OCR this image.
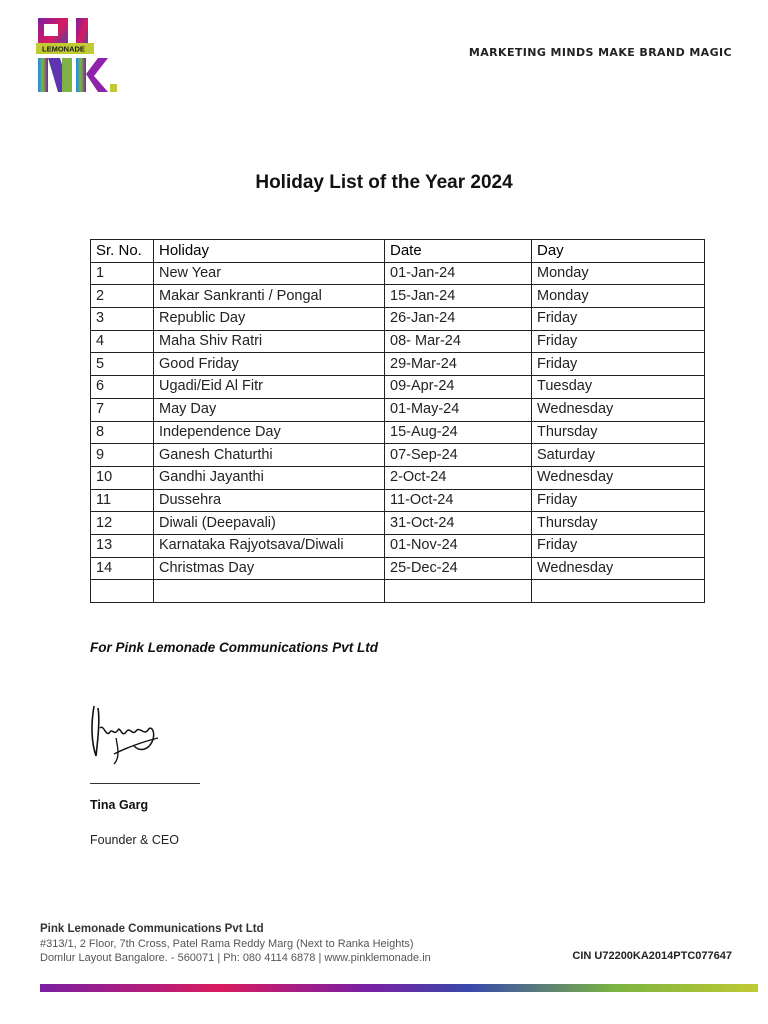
LEMONADE	MARKETING MINDS MAKE BRAND MAGIC
Holiday List of the Year 2024
Sr. No.	Holiday	Date	Day
1	New Year	01-Jan-24	Monday
2	Makar Sankranti / Pongal	15-Jan-24	Monday
3	Republic Day	26-Jan-24	Friday
4	Maha Shiv Ratri	08- Mar-24	Friday
5	Good Friday	29-Mar-24	Friday
6	Ugadi/Eid Al Fitr	09-Apr-24	Tuesday
7	May Day	01-May-24	Wednesday
8	Independence Day	15-Aug-24	Thursday
9	Ganesh Chaturthi	07-Sep-24	Saturday
10	Gandhi Jayanthi	2-Oct-24	Wednesday
11	Dussehra	11-Oct-24	Friday
12	Diwali (Deepavali)	31-Oct-24	Thursday
13	Karnataka Rajyotsava/Diwali	01-Nov-24	Friday
14	Christmas Day	25-Dec-24	Wednesday

For Pink Lemonade Communications Pvt Ltd
Tina Garg
Founder & CEO
Pink Lemonade Communications Pvt Ltd
#313/1, 2 Floor, 7th Cross, Patel Rama Reddy Marg (Next to Ranka Heights)
Domlur Layout Bangalore. - 560071 | Ph: 080 4114 6878 | www.pinklemonade.in	CIN U72200KA2014PTC077647
